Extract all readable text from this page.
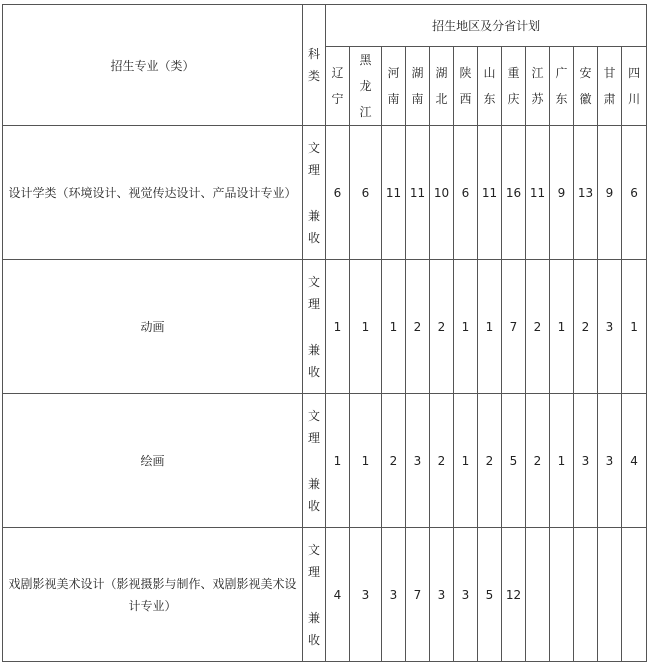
招生专业（类）	科
类	招生地区及分省计划												

		辽
宁	黑
龙
江	河
南	湖
南	湖
北	陕
西	山
东	重
庆	江
苏	广
东	安
徽	甘
肃	四
川

设计学类（环境设计、视觉传达设计、产品设计专业）	文
理
兼
收	6	6	11	11	10	6	11	16	11	9	13	9	6
动画	文
理
兼
收	1	1	1	2	2	1	1	7	2	1	2	3	1
绘画	文
理
兼
收	1	1	2	3	2	1	2	5	2	1	3	3	4
戏剧影视美术设计（影视摄影与制作、戏剧影视美术设计专业）	文
理
兼
收	4	3	3	7	3	3	5	12					
